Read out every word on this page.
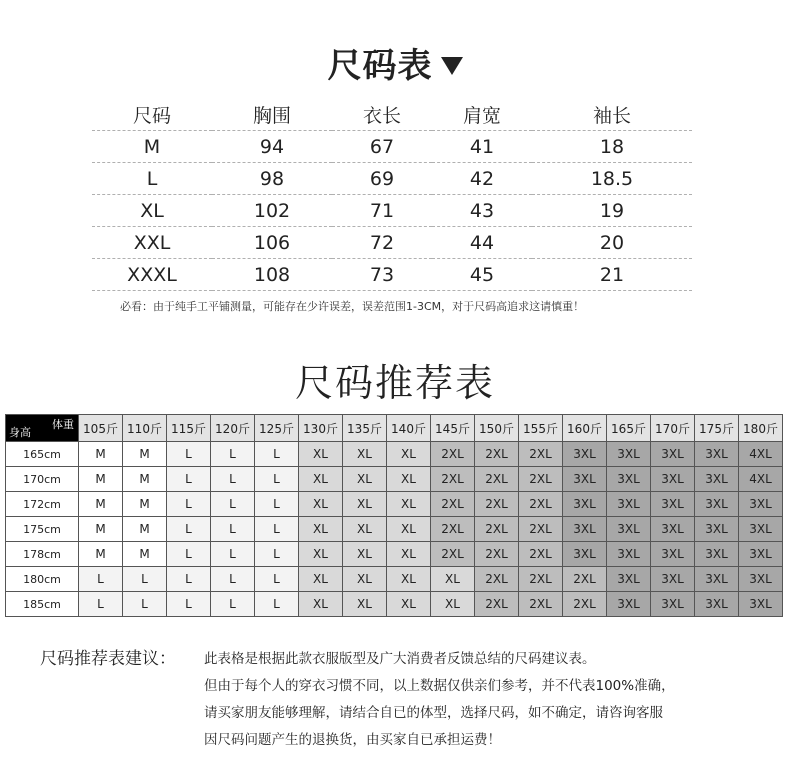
尺码表
尺码	胸围	衣长	肩宽	袖长
M	94	67	41	18
L	98	69	42	18.5
XL	102	71	43	19
XXL	106	72	44	20
XXXL	108	73	45	21
必看：由于纯手工平铺测量，可能存在少许误差，误差范围1-3CM，对于尺码高追求这请慎重！
尺码推荐表
体重
身高	105斤	110斤	115斤	120斤	125斤	130斤	135斤	140斤	145斤	150斤	155斤	160斤	165斤	170斤	175斤	180斤
165cm	M	M	L	L	L	XL	XL	XL	2XL	2XL	2XL	3XL	3XL	3XL	3XL	4XL
170cm	M	M	L	L	L	XL	XL	XL	2XL	2XL	2XL	3XL	3XL	3XL	3XL	4XL
172cm	M	M	L	L	L	XL	XL	XL	2XL	2XL	2XL	3XL	3XL	3XL	3XL	3XL
175cm	M	M	L	L	L	XL	XL	XL	2XL	2XL	2XL	3XL	3XL	3XL	3XL	3XL
178cm	M	M	L	L	L	XL	XL	XL	2XL	2XL	2XL	3XL	3XL	3XL	3XL	3XL
180cm	L	L	L	L	L	XL	XL	XL	XL	2XL	2XL	2XL	3XL	3XL	3XL	3XL
185cm	L	L	L	L	L	XL	XL	XL	XL	2XL	2XL	2XL	3XL	3XL	3XL	3XL
尺码推荐表建议： 此表格是根据此款衣服版型及广大消费者反馈总结的尺码建议表。
但由于每个人的穿衣习惯不同，以上数据仅供亲们参考，并不代表100%准确，
请买家朋友能够理解，请结合自已的体型，选择尺码，如不确定，请咨询客服
因尺码问题产生的退换货，由买家自已承担运费！
